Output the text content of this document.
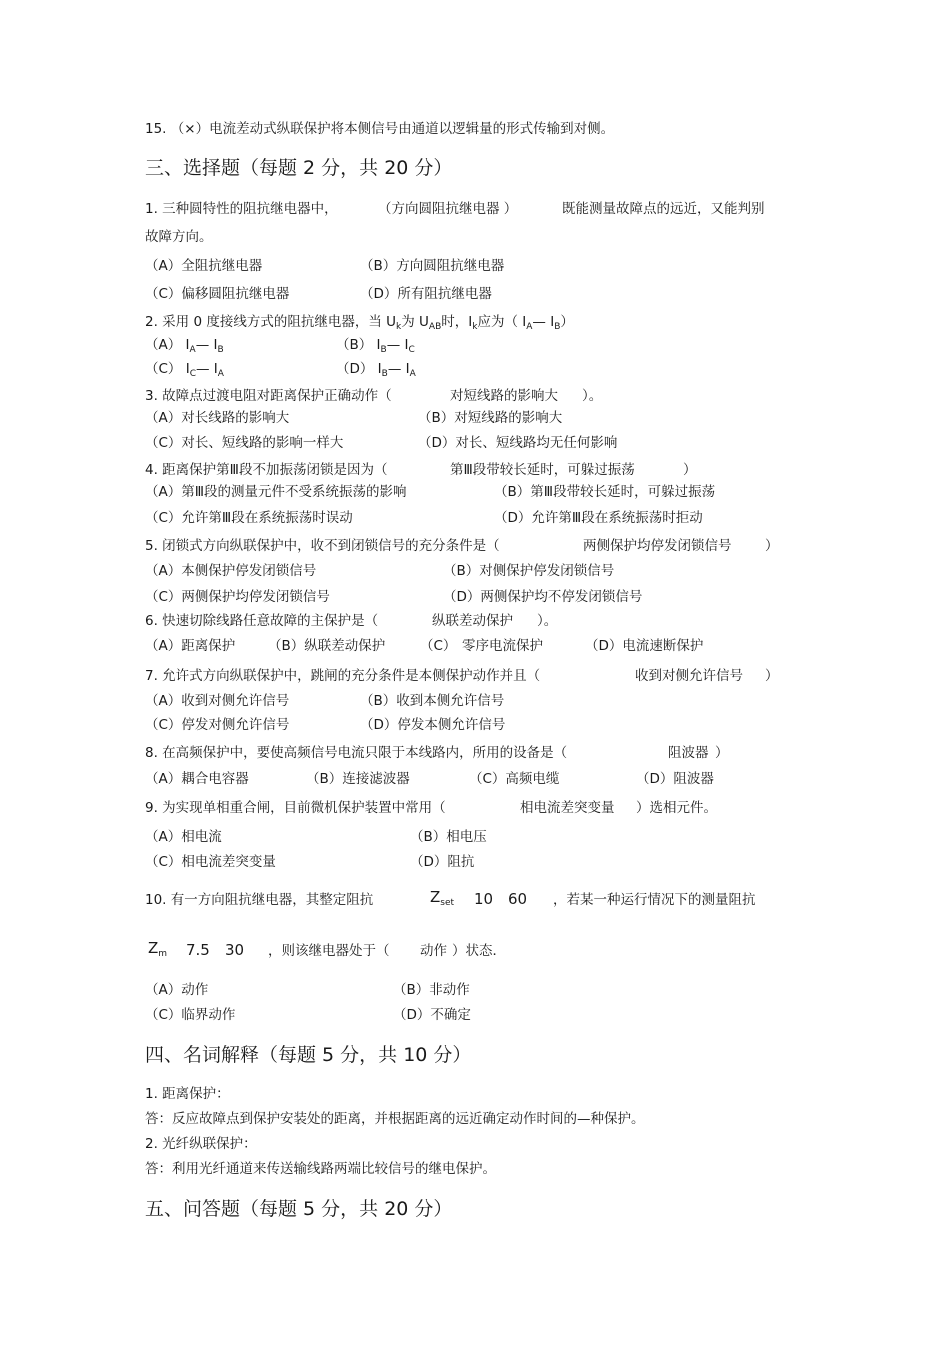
15. （×）电流差动式纵联保护将本侧信号由通道以逻辑量的形式传输到对侧。
三、选择题（每题 2 分，共 20 分）
1. 三种圆特性的阻抗继电器中，	（方向圆阻抗继电器 ）	既能测量故障点的远近，又能判别
故障方向。
（A）全阻抗继电器	（B）方向圆阻抗继电器
（C）偏移圆阻抗继电器	（D）所有阻抗继电器
2. 采用 0 度接线方式的阻抗继电器，当 $U_k$为 $U_{AB}$时，$I_k$应为（ $I_A—$ $I_B$）
（A） $I_A—$ $I_B$	（B） $I_B—$ $I_C$
（C） $I_C—$ $I_A$	（D） $I_B—$ $I_A$
3. 故障点过渡电阻对距离保护正确动作（	对短线路的影响大 ）。
（A）对长线路的影响大	（B）对短线路的影响大
（C）对长、短线路的影响一样大	（D）对长、短线路均无任何影响
4. 距离保护第Ⅲ段不加振荡闭锁是因为（	第Ⅲ段带较长延时，可躲过振荡	）
（A）第Ⅲ段的测量元件不受系统振荡的影响	（B）第Ⅲ段带较长延时，可躲过振荡
（C）允许第Ⅲ段在系统振荡时误动	（D）允许第Ⅲ段在系统振荡时拒动
5. 闭锁式方向纵联保护中，收不到闭锁信号的充分条件是（	两侧保护均停发闭锁信号 ）
（A）本侧保护停发闭锁信号	（B）对侧保护停发闭锁信号
（C）两侧保护均停发闭锁信号	（D）两侧保护均不停发闭锁信号
6. 快速切除线路任意故障的主保护是（	纵联差动保护 ）。
（A）距离保护 （B）纵联差动保护	（C） 零序电流保护	（D）电流速断保护
7. 允许式方向纵联保护中，跳闸的充分条件是本侧保护动作并且（	收到对侧允许信号 ）
（A）收到对侧允许信号	（B）收到本侧允许信号
（C）停发对侧允许信号	（D）停发本侧允许信号
8. 在高频保护中，要使高频信号电流只限于本线路内，所用的设备是（	阻波器 ）
（A）耦合电容器	（B）连接滤波器	（C）高频电缆	（D）阻波器
9. 为实现单相重合闸，目前微机保护装置中常用（	相电流差突变量 ）选相元件。
（A）相电流	（B）相电压
（C）相电流差突变量	（D）阻抗
10. 有一方向阻抗继电器，其整定阻抗	$Z_{set}$ 10 60 ，若某一种运行情况下的测量阻抗
$Z_m$ 7.5 30 ，则该继电器处于（ 动作 ）状态．
（A）动作	（B）非动作
（C）临界动作	（D）不确定
四、名词解释（每题 5 分，共 10 分）
1. 距离保护：
答：反应故障点到保护安装处的距离，并根据距离的远近确定动作时间的—种保护。
2. 光纤纵联保护：
答：利用光纤通道来传送输线路两端比较信号的继电保护。
五、问答题（每题 5 分，共 20 分）
